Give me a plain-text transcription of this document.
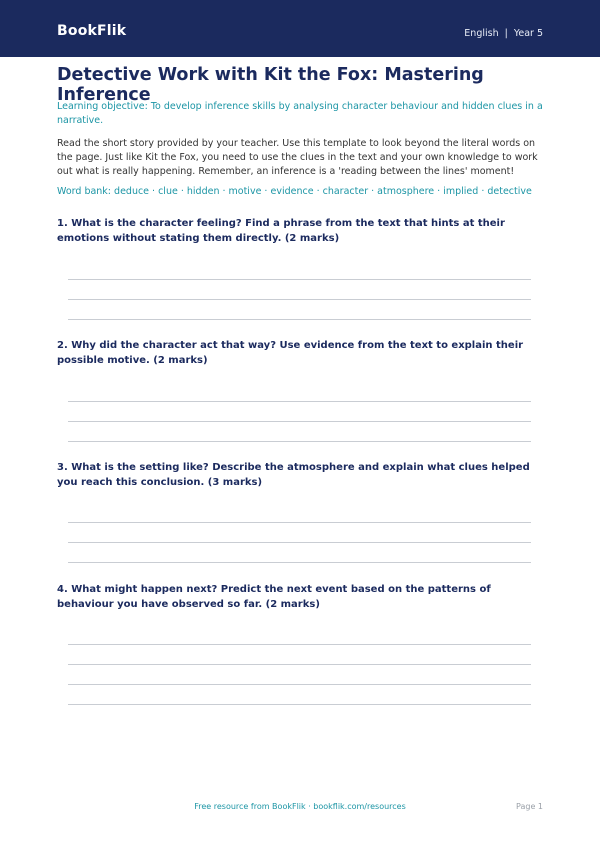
BookFlik	English | Year 5
Detective Work with Kit the Fox: Mastering Inference
Learning objective: To develop inference skills by analysing character behaviour and hidden clues in a narrative.
Read the short story provided by your teacher. Use this template to look beyond the literal words on the page. Just like Kit the Fox, you need to use the clues in the text and your own knowledge to work out what is really happening. Remember, an inference is a 'reading between the lines' moment!
Word bank: deduce · clue · hidden · motive · evidence · character · atmosphere · implied · detective
1. What is the character feeling? Find a phrase from the text that hints at their emotions without stating them directly. (2 marks)
2. Why did the character act that way? Use evidence from the text to explain their possible motive. (2 marks)
3. What is the setting like? Describe the atmosphere and explain what clues helped you reach this conclusion. (3 marks)
4. What might happen next? Predict the next event based on the patterns of behaviour you have observed so far. (2 marks)
Free resource from BookFlik · bookflik.com/resources	Page 1
